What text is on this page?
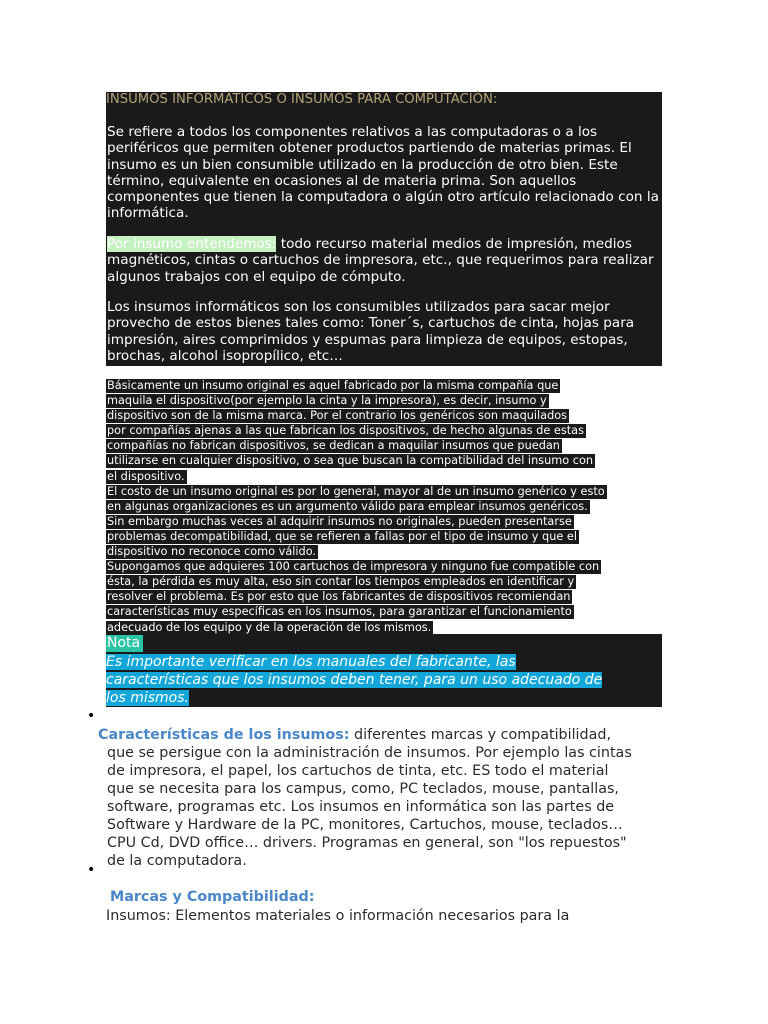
INSUMOS INFORMÀTICOS O INSUMOS PARA COMPUTACIÒN:

Se refiere a todos los componentes relativos a las computadoras o a los periféricos que permiten obtener productos partiendo de materias primas. El insumo es un bien consumible utilizado en la producción de otro bien. Este término, equivalente en ocasiones al de materia prima. Son aquellos componentes que tienen la computadora o algún otro artículo relacionado con la informática.

Por insumo entendemos: todo recurso material medios de impresión, medios magnéticos, cintas o cartuchos de impresora, etc., que requerimos para realizar algunos trabajos con el equipo de cómputo.

Los insumos informáticos son los consumibles utilizados para sacar mejor provecho de estos bienes tales como: Toner´s, cartuchos de cinta, hojas para impresión, aires comprimidos y espumas para limpieza de equipos, estopas, brochas, alcohol isopropílico, etc…

Básicamente un insumo original es aquel fabricado por la misma compañía que
maquila el dispositivo(por ejemplo la cinta y la impresora), es decir, insumo y
dispositivo son de la misma marca. Por el contrario los genéricos son maquilados
por compañías ajenas a las que fabrican los dispositivos, de hecho algunas de estas
compañías no fabrican dispositivos, se dedican a maquilar insumos que puedan
utilizarse en cualquier dispositivo, o sea que buscan la compatibilidad del insumo con
el dispositivo.
El costo de un insumo original es por lo general, mayor al de un insumo genérico y esto
en algunas organizaciones es un argumento válido para emplear insumos genéricos.
Sin embargo muchas veces al adquirir insumos no originales, pueden presentarse
problemas decompatibilidad, que se refieren a fallas por el tipo de insumo y que el
dispositivo no reconoce como válido.
Supongamos que adquieres 100 cartuchos de impresora y ninguno fue compatible con
ésta, la pérdida es muy alta, eso sin contar los tiempos empleados en identificar y
resolver el problema. Es por esto que los fabricantes de dispositivos recomiendan
características muy específicas en los insumos, para garantizar el funcionamiento
adecuado de los equipo y de la operación de los mismos.
Nota
Es importante verificar en los manuales del fabricante, las
características que los insumos deben tener, para un uso adecuado de
los mismos.
•
Características de los insumos: diferentes marcas y compatibilidad,
que se persigue con la administración de insumos. Por ejemplo las cintas
de impresora, el papel, los cartuchos de tinta, etc. ES todo el material
que se necesita para los campus, como, PC teclados, mouse, pantallas,
software, programas etc. Los insumos en informática son las partes de
Software y Hardware de la PC, monitores, Cartuchos, mouse, teclados…
CPU Cd, DVD office… drivers. Programas en general, son "los repuestos"
de la computadora.
•
Marcas y Compatibilidad:
Insumos: Elementos materiales o información necesarios para la
